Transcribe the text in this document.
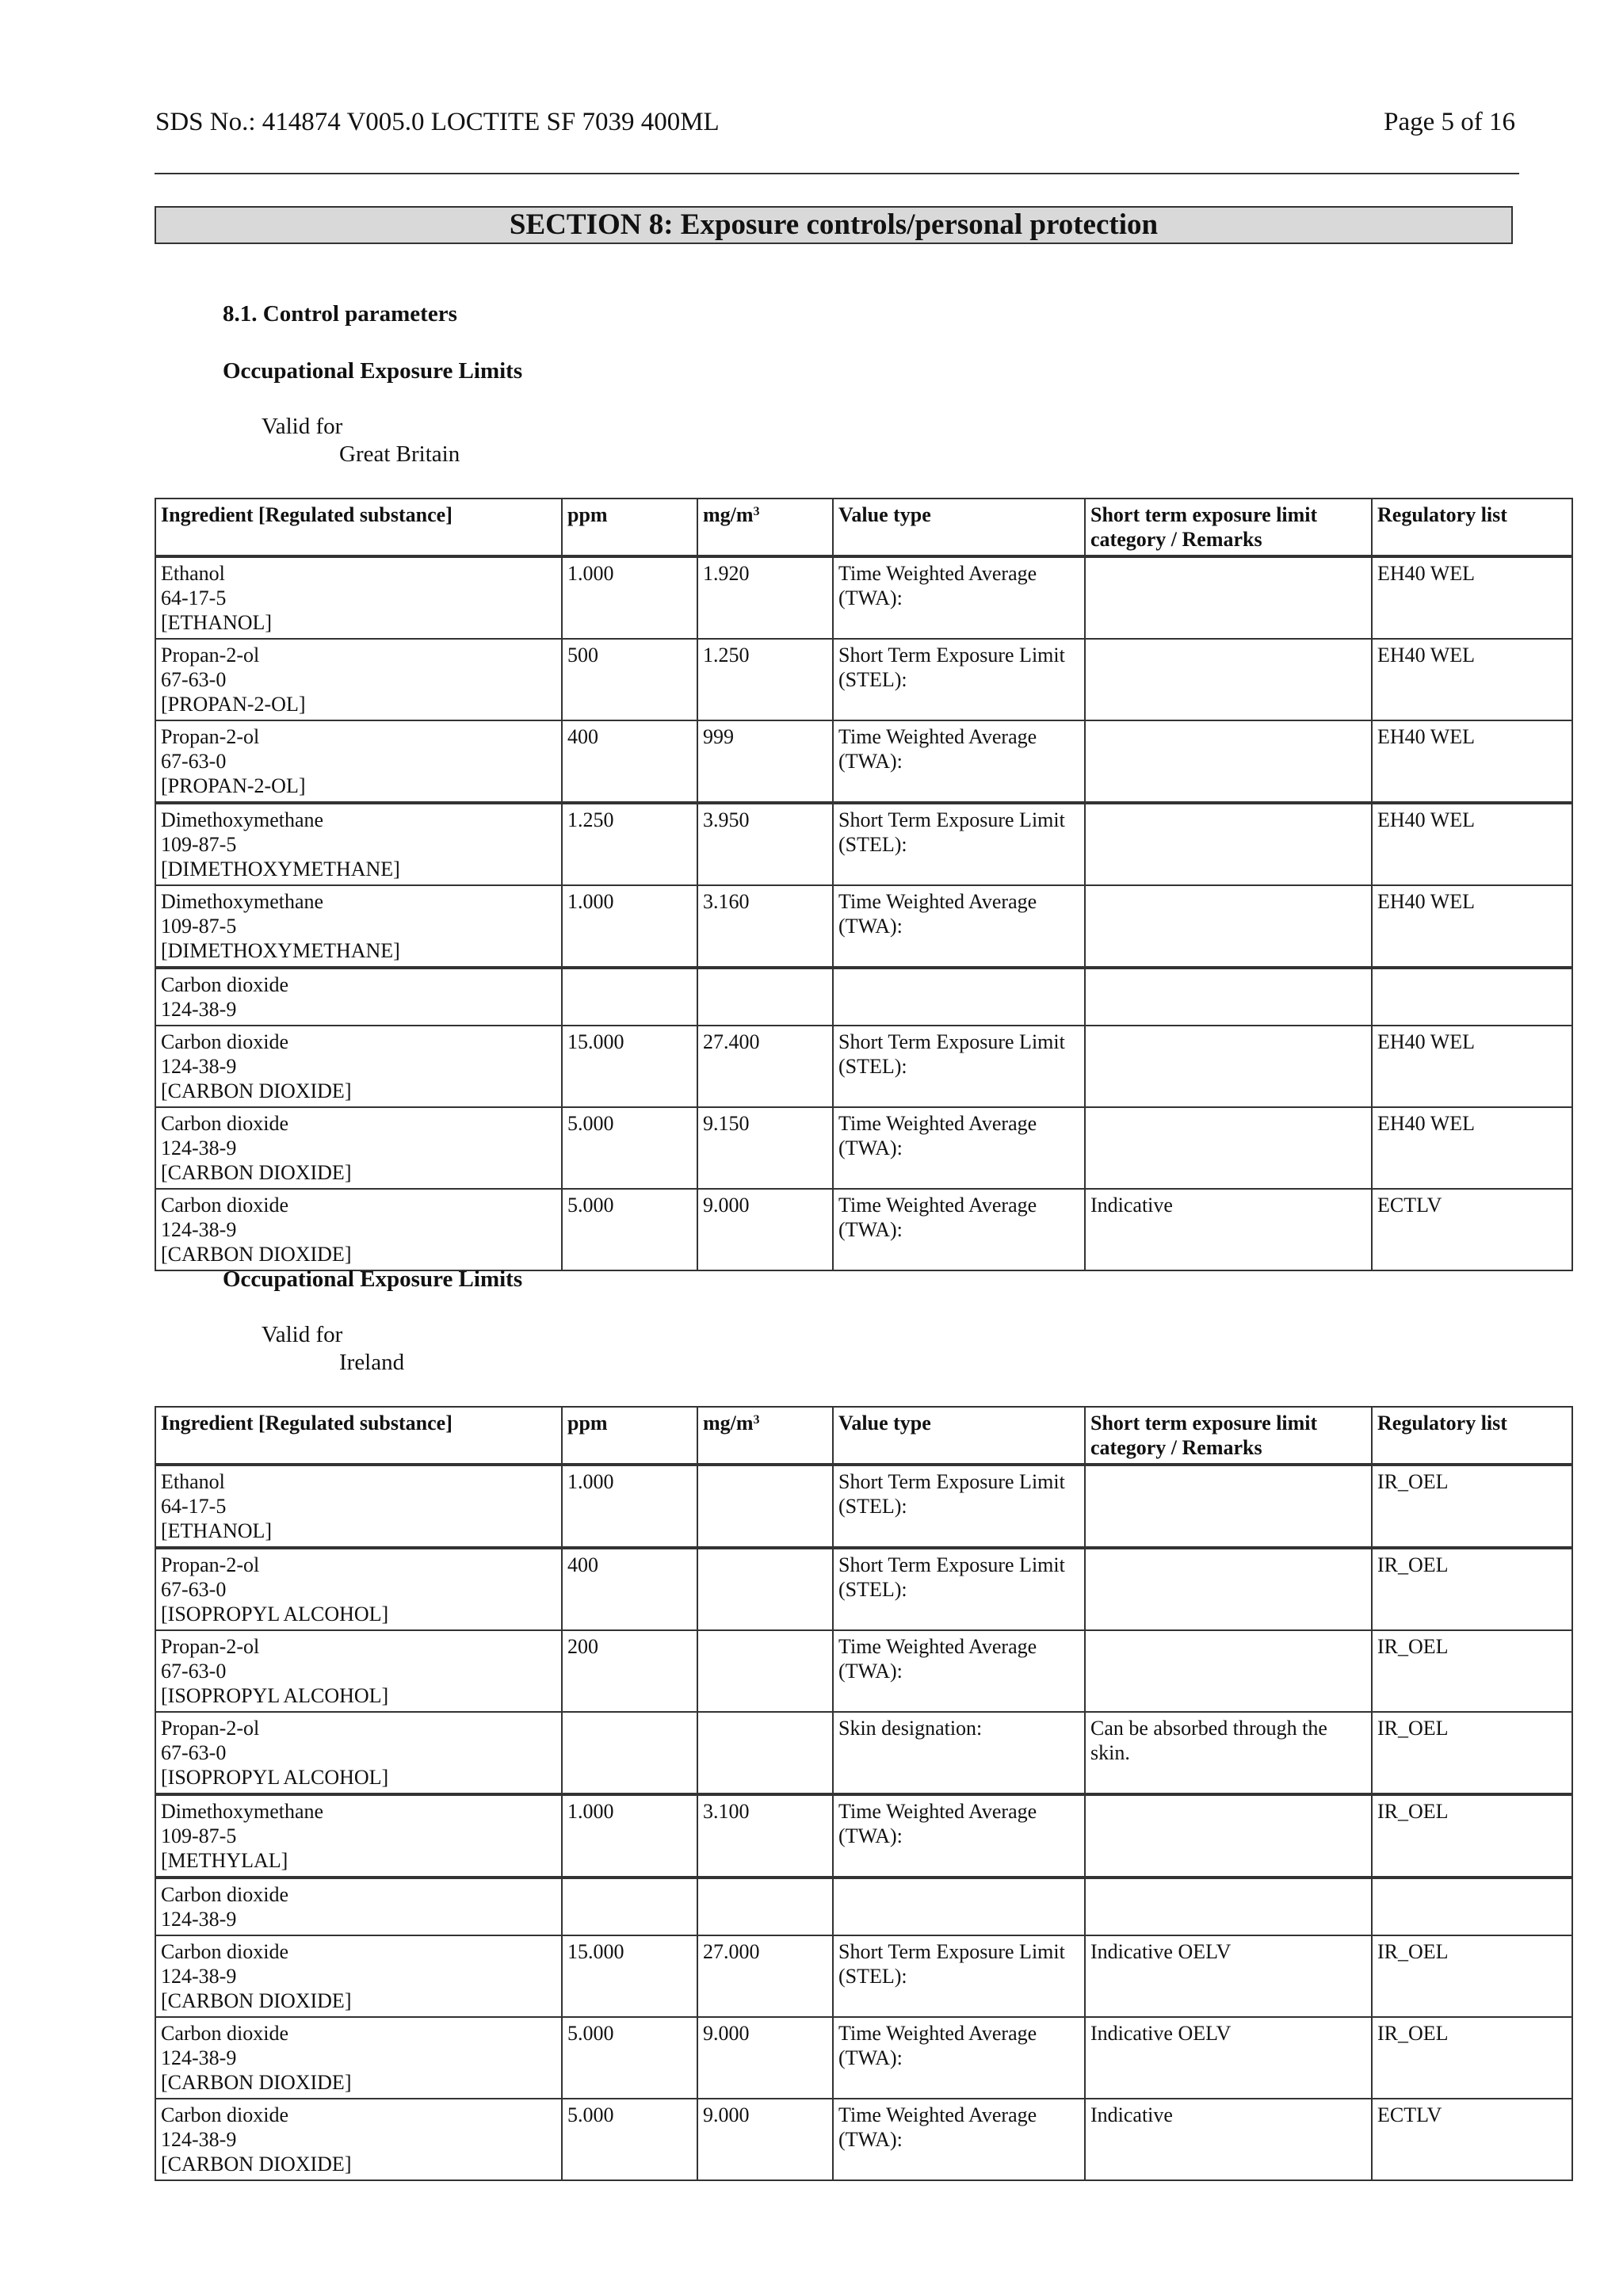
SDS No.: 414874 V005.0 LOCTITE SF 7039 400ML	Page 5 of 16
SECTION 8: Exposure controls/personal protection
8.1. Control parameters
Occupational Exposure Limits
Valid for
Great Britain
Ingredient [Regulated substance]	ppm	$mg/m^3$	Value type	Short term exposure limit category / Remarks	Regulatory list

Ethanol
64-17-5
[ETHANOL]	1.000	1.920	Time Weighted Average (TWA):		EH40 WEL

Propan-2-ol
67-63-0
[PROPAN-2-OL]	500	1.250	Short Term Exposure Limit (STEL):		EH40 WEL

Propan-2-ol
67-63-0
[PROPAN-2-OL]	400	999	Time Weighted Average (TWA):		EH40 WEL

Dimethoxymethane
109-87-5
[DIMETHOXYMETHANE]	1.250	3.950	Short Term Exposure Limit (STEL):		EH40 WEL

Dimethoxymethane
109-87-5
[DIMETHOXYMETHANE]	1.000	3.160	Time Weighted Average (TWA):		EH40 WEL

Carbon dioxide
124-38-9					

Carbon dioxide
124-38-9
[CARBON DIOXIDE]	15.000	27.400	Short Term Exposure Limit (STEL):		EH40 WEL

Carbon dioxide
124-38-9
[CARBON DIOXIDE]	5.000	9.150	Time Weighted Average (TWA):		EH40 WEL

Carbon dioxide
124-38-9
[CARBON DIOXIDE]	5.000	9.000	Time Weighted Average (TWA):	Indicative	ECTLV
Occupational Exposure Limits
Valid for
Ireland
Ingredient [Regulated substance]	ppm	$mg/m^3$	Value type	Short term exposure limit category / Remarks	Regulatory list

Ethanol
64-17-5
[ETHANOL]	1.000		Short Term Exposure Limit (STEL):		IR_OEL

Propan-2-ol
67-63-0
[ISOPROPYL ALCOHOL]	400		Short Term Exposure Limit (STEL):		IR_OEL

Propan-2-ol
67-63-0
[ISOPROPYL ALCOHOL]	200		Time Weighted Average (TWA):		IR_OEL

Propan-2-ol
67-63-0
[ISOPROPYL ALCOHOL]			Skin designation:	Can be absorbed through the skin.	IR_OEL

Dimethoxymethane
109-87-5
[METHYLAL]	1.000	3.100	Time Weighted Average (TWA):		IR_OEL

Carbon dioxide
124-38-9					

Carbon dioxide
124-38-9
[CARBON DIOXIDE]	15.000	27.000	Short Term Exposure Limit (STEL):	Indicative OELV	IR_OEL

Carbon dioxide
124-38-9
[CARBON DIOXIDE]	5.000	9.000	Time Weighted Average (TWA):	Indicative OELV	IR_OEL

Carbon dioxide
124-38-9
[CARBON DIOXIDE]	5.000	9.000	Time Weighted Average (TWA):	Indicative	ECTLV
